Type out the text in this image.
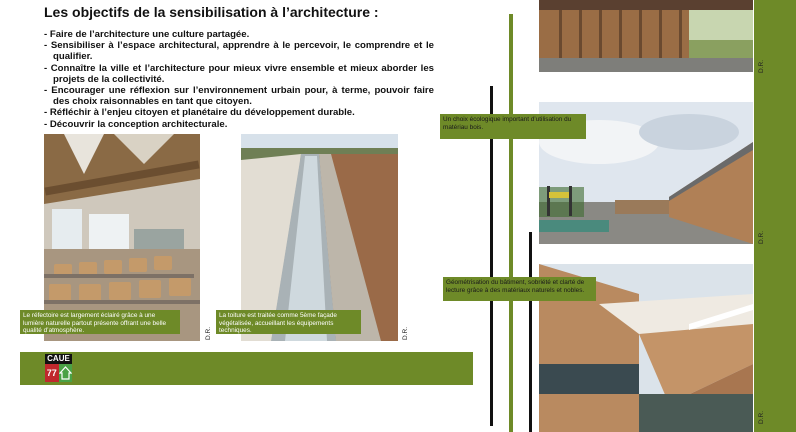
Les objectifs de la sensibilisation à l’architecture :
- Faire de l’architecture une culture partagée.
- Sensibiliser à l’espace architectural, apprendre à le percevoir, le comprendre et le qualifier.
- Connaître la ville et l’architecture pour mieux vivre ensemble et mieux aborder les projets de la collectivité.
- Encourager une réflexion sur l’environnement urbain pour, à terme, pouvoir faire des choix raisonnables en tant que citoyen.
- Réfléchir à l’enjeu citoyen et planétaire du développement durable.
- Découvrir la conception architecturale.
Le réfectoire est largement éclairé grâce à une lumière naturelle partout présente offrant une belle qualité d’atmosphère.	D.R.
La toiture est traitée comme 5ème façade végétalisée, accueillant les équipements techniques.	D.R.
CAUE
77
D.R.
D.R.
D.R.
Un choix écologique important d’utilisation du matériau bois.
Géométrisation du bâtiment, sobriété et clarté de lecture grâce à des matériaux naturels et nobles.
